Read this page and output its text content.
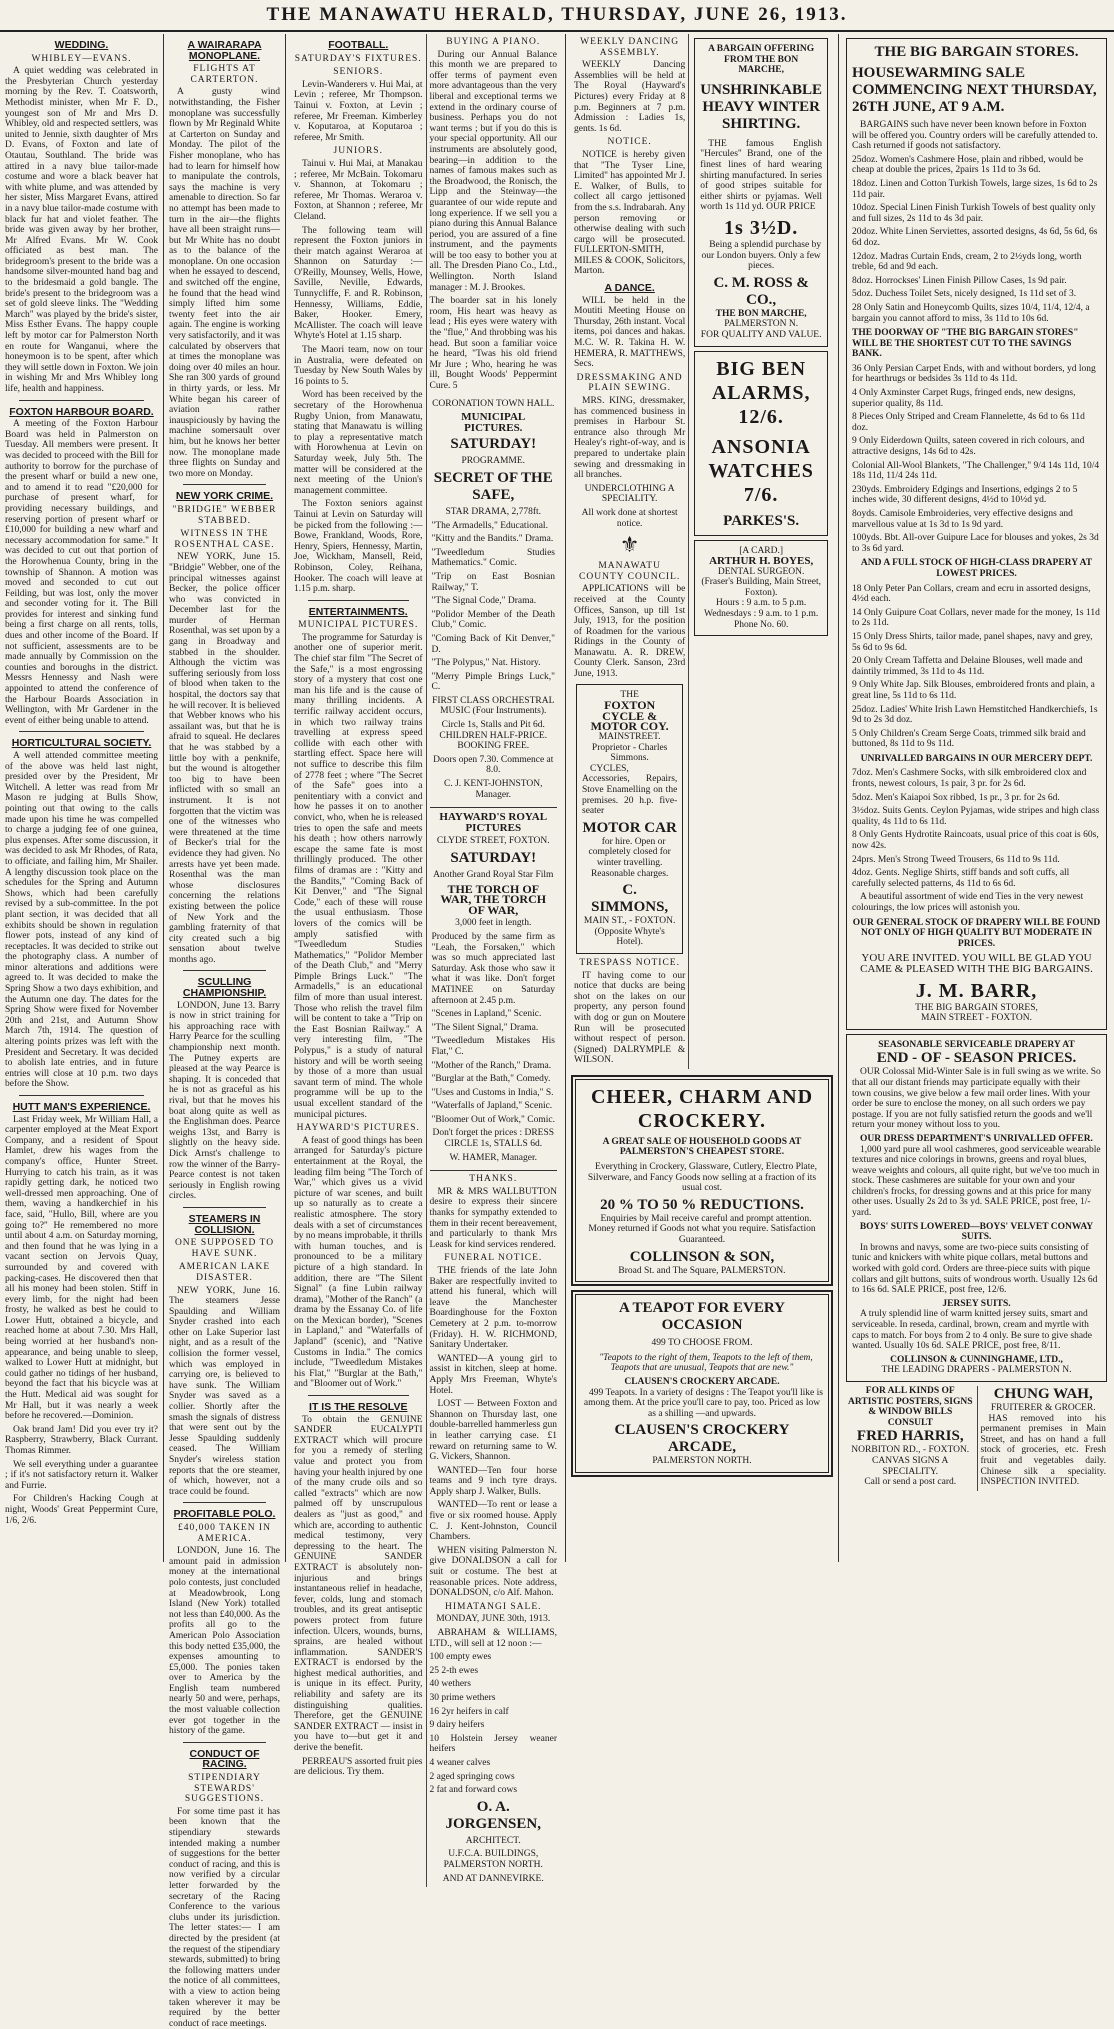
THE MANAWATU HERALD, THURSDAY, JUNE 26, 1913.
WEDDING.
WHIBLEY—EVANS.

A quiet wedding was celebrated in the Presbyterian Church yesterday morning by the Rev. T. Coatsworth, Methodist minister, when Mr F. D., youngest son of Mr and Mrs D. Whibley, old and respected settlers, was united to Jennie, sixth daughter of Mrs D. Evans, of Foxton and late of Otautau, Southland. The bride was attired in a navy blue tailor-made costume and wore a black beaver hat with white plume, and was attended by her sister, Miss Margaret Evans, attired in a navy blue tailor-made costume with black fur hat and violet feather. The bride was given away by her brother, Mr Alfred Evans. Mr W. Cook officiated as best man. The bridegroom's present to the bride was a handsome silver-mounted hand bag and to the bridesmaid a gold bangle. The bride's present to the bridegroom was a set of gold sleeve links. The "Wedding March" was played by the bride's sister, Miss Esther Evans. The happy couple left by motor car for Palmerston North en route for Wanganui, where the honeymoon is to be spent, after which they will settle down in Foxton. We join in wishing Mr and Mrs Whibley long life, health and happiness.

FOXTON HARBOUR BOARD.

A meeting of the Foxton Harbour Board was held in Palmerston on Tuesday. All members were present. It was decided to proceed with the Bill for authority to borrow for the purchase of the present wharf or build a new one, and to amend it to read "£20,000 for purchase of present wharf, for providing necessary buildings, and reserving portion of present wharf or £10,000 for building a new wharf and necessary accommodation for same." It was decided to cut out that portion of the Horowhenua County, bring in the township of Shannon. A motion was moved and seconded to cut out Feilding, but was lost, only the mover and seconder voting for it. The Bill provides for interest and sinking fund being a first charge on all rents, tolls, dues and other income of the Board. If not sufficient, assessments are to be made annually by Commission on the counties and boroughs in the district. Messrs Hennessy and Nash were appointed to attend the conference of the Harbour Boards Association in Wellington, with Mr Gardener in the event of either being unable to attend.

HORTICULTURAL SOCIETY.

A well attended committee meeting of the above was held last night, presided over by the President, Mr Witchell. A letter was read from Mr Mason re judging at Bulls Show, pointing out that owing to the calls made upon his time he was compelled to charge a judging fee of one guinea, plus expenses. After some discussion, it was decided to ask Mr Rhodes, of Rata, to officiate, and failing him, Mr Shailer. A lengthy discussion took place on the schedules for the Spring and Autumn Shows, which had been carefully revised by a sub-committee. In the pot plant section, it was decided that all exhibits should be shown in regulation flower pots, instead of any kind of receptacles. It was decided to strike out the photography class. A number of minor alterations and additions were agreed to. It was decided to make the Spring Show a two days exhibition, and the Autumn one day. The dates for the Spring Show were fixed for November 20th and 21st, and Autumn Show March 7th, 1914. The question of altering points prizes was left with the President and Secretary. It was decided to abolish late entries, and in future entries will close at 10 p.m. two days before the Show.

HUTT MAN'S EXPERIENCE.

Last Friday week, Mr William Hall, a carpenter employed at the Meat Export Company, and a resident of Spout Hamlet, drew his wages from the company's office, Hunter Street. Hurrying to catch his train, as it was rapidly getting dark, he noticed two well-dressed men approaching. One of them, waving a handkerchief in his face, said, "Hullo, Bill, where are you going to?" He remembered no more until about 4 a.m. on Saturday morning, and then found that he was lying in a vacant section on Jervois Quay, surrounded by and covered with packing-cases. He discovered then that all his money had been stolen. Stiff in every limb, for the night had been frosty, he walked as best he could to Lower Hutt, obtained a bicycle, and reached home at about 7.30. Mrs Hall, being worried at her husband's non-appearance, and being unable to sleep, walked to Lower Hutt at midnight, but could gather no tidings of her husband, beyond the fact that his bicycle was at the Hutt. Medical aid was sought for Mr Hall, but it was nearly a week before he recovered.—Dominion.

Oak brand Jam! Did you ever try it? Raspberry, Strawberry, Black Currant. Thomas Rimmer.

We sell everything under a guarantee ; if it's not satisfactory return it. Walker and Furrie.

For Children's Hacking Cough at night, Woods' Great Peppermint Cure, 1/6, 2/6.

A WAIRARAPA MONOPLANE.
FLIGHTS AT CARTERTON.

A gusty wind notwithstanding, the Fisher monoplane was successfully flown by Mr Reginald White at Carterton on Sunday and Monday. The pilot of the Fisher monoplane, who has had to learn for himself how to manipulate the controls, says the machine is very amenable to direction. So far no attempt has been made to turn in the air—the flights have all been straight runs—but Mr White has no doubt as to the balance of the monoplane. On one occasion when he essayed to descend, and switched off the engine, he found that the head wind simply lifted him some twenty feet into the air again. The engine is working very satisfactorily, and it was calculated by observers that at times the monoplane was doing over 40 miles an hour. She ran 300 yards of ground in thirty yards, or less. Mr White began his career of aviation rather inauspiciously by having the machine somersault over him, but he knows her better now. The monoplane made three flights on Sunday and two more on Monday.

NEW YORK CRIME.
"BRIDGIE" WEBBER STABBED.
WITNESS IN THE ROSENTHAL CASE.

NEW YORK, June 15. "Bridgie" Webber, one of the principal witnesses against Becker, the police officer who was convicted in December last for the murder of Herman Rosenthal, was set upon by a gang in Broadway and stabbed in the shoulder. Although the victim was suffering seriously from loss of blood when taken to the hospital, the doctors say that he will recover. It is believed that Webber knows who his assailant was, but that he is afraid to squeal. He declares that he was stabbed by a little boy with a penknife, but the wound is altogether too big to have been inflicted with so small an instrument. It is not forgotten that the victim was one of the witnesses who were threatened at the time of Becker's trial for the evidence they had given. No arrests have yet been made. Rosenthal was the man whose disclosures concerning the relations existing between the police of New York and the gambling fraternity of that city created such a big sensation about twelve months ago.

SCULLING CHAMPIONSHIP.

LONDON, June 13. Barry is now in strict training for his approaching race with Harry Pearce for the sculling championship next month. The Putney experts are pleased at the way Pearce is shaping. It is conceded that he is not as graceful as his rival, but that he moves his boat along quite as well as the Englishman does. Pearce weighs 13st, and Barry is slightly on the heavy side. Dick Arnst's challenge to row the winner of the Barry-Pearce contest is not taken seriously in English rowing circles.

STEAMERS IN COLLISION.
ONE SUPPOSED TO HAVE SUNK.
AMERICAN LAKE DISASTER.

NEW YORK, June 16. The steamers Jesse Spaulding and William Snyder crashed into each other on Lake Superior last night, and as a result of the collision the former vessel, which was employed in carrying ore, is believed to have sunk. The William Snyder was saved as a collier. Shortly after the smash the signals of distress that were sent out by the Jesse Spaulding suddenly ceased. The William Snyder's wireless station reports that the ore steamer, of which, however, not a trace could be found.

PROFITABLE POLO.
£40,000 TAKEN IN AMERICA.

LONDON, June 16. The amount paid in admission money at the international polo contests, just concluded at Meadowbrook, Long Island (New York) totalled not less than £40,000. As the profits all go to the American Polo Association this body netted £35,000, the expenses amounting to £5,000. The ponies taken over to America by the English team numbered nearly 50 and were, perhaps, the most valuable collection ever got together in the history of the game.

CONDUCT OF RACING.
STIPENDIARY STEWARDS' SUGGESTIONS.

For some time past it has been known that the stipendiary stewards intended making a number of suggestions for the better conduct of racing, and this is now verified by a circular letter forwarded by the secretary of the Racing Conference to the various clubs under its jurisdiction. The letter states:— I am directed by the president (at the request of the stipendiary stewards, submitted) to bring the following matters under the notice of all committees, with a view to action being taken wherever it may be required by the better conduct of race meetings.

FOOTBALL.
SATURDAY'S FIXTURES.
SENIORS.

Levin-Wanderers v. Hui Mai, at Levin ; referee, Mr Thompson. Tainui v. Foxton, at Levin ; referee, Mr Freeman. Kimberley v. Koputaroa, at Koputaroa ; referee, Mr Smith.

JUNIORS.

Tainui v. Hui Mai, at Manakau ; referee, Mr McBain. Tokomaru v. Shannon, at Tokomaru ; referee, Mr Thomas. Weraroa v. Foxton, at Shannon ; referee, Mr Cleland.

The following team will represent the Foxton juniors in their match against Weraroa at Shannon on Saturday :— O'Reilly, Mounsey, Wells, Howe, Saville, Neville, Edwards, Tunnycliffe, F. and R. Robinson, Hennessy, Williams, Eddie, Baker, Hooker. Emery, McAllister. The coach will leave Whyte's Hotel at 1.15 sharp.

The Maori team, now on tour in Australia, were defeated on Tuesday by New South Wales by 16 points to 5.

Word has been received by the secretary of the Horowhenua Rugby Union, from Manawatu, stating that Manawatu is willing to play a representative match with Horowhenua at Levin on Saturday week, July 5th. The matter will be considered at the next meeting of the Union's management committee.

The Foxton seniors against Tainui at Levin on Saturday will be picked from the following :— Bowe, Frankland, Woods, Rore, Henry, Spiers, Hennessy, Martin, Joe, Wickham, Mansell, Reid, Robinson, Coley, Reihana, Hooker. The coach will leave at 1.15 p.m. sharp.

ENTERTAINMENTS.
MUNICIPAL PICTURES.

The programme for Saturday is another one of superior merit. The chief star film "The Secret of the Safe," is a most engrossing story of a mystery that cost one man his life and is the cause of many thrilling incidents. A terrific railway accident occurs, in which two railway trains travelling at express speed collide with each other with startling effect. Space here will not suffice to describe this film of 2778 feet ; where "The Secret of the Safe" goes into a penitentiary with a convict and how he passes it on to another convict, who, when he is released tries to open the safe and meets his death ; how others narrowly escape the same fate is most thrillingly produced. The other films of dramas are : "Kitty and the Bandits," "Coming Back of Kit Denver," and "The Signal Code," each of these will rouse the usual enthusiasm. Those lovers of the comics will be amply satisfied with "Tweedledum Studies Mathematics," "Polidor Member of the Death Club," and "Merry Pimple Brings Luck." "The Armadells," is an educational film of more than usual interest. Those who relish the travel film will be content to take a "Trip on the East Bosnian Railway." A very interesting film, "The Polypus," is a study of natural history and will be worth seeing by those of a more than usual savant term of mind. The whole programme will be up to the usual excellent standard of the municipal pictures.

HAYWARD'S PICTURES.

A feast of good things has been arranged for Saturday's picture entertainment at the Royal, the leading film being "The Torch of War," which gives us a vivid picture of war scenes, and built up so naturally as to create a realistic atmosphere. The story deals with a set of circumstances by no means improbable, it thrills with human touches, and is pronounced to be a military picture of a high standard. In addition, there are "The Silent Signal" (a fine Lubin railway drama), "Mother of the Ranch" (a drama by the Essanay Co. of life on the Mexican border), "Scenes in Lapland," and "Waterfalls of Japland" (scenic), and "Native Customs in India." The comics include, "Tweedledum Mistakes his Flat," "Burglar at the Bath," and "Bloomer out of Work."

IT IS THE RESOLVE

To obtain the GENUINE SANDER EUCALYPTI EXTRACT which will procure for you a remedy of sterling value and protect you from having your health injured by one of the many crude oils and so called "extracts" which are now palmed off by unscrupulous dealers as "just as good," and which are, according to authentic medical testimony, very depressing to the heart. The GENUINE SANDER EXTRACT is absolutely non-injurious and brings instantaneous relief in headache, fever, colds, lung and stomach troubles, and its great antiseptic powers protect from future infection. Ulcers, wounds, burns, sprains, are healed without inflammation. SANDER'S EXTRACT is endorsed by the highest medical authorities, and is unique in its effect. Purity, reliability and safety are its distinguishing qualities. Therefore, get the GENUINE SANDER EXTRACT — insist in you have to—but get it and derive the benefit.

PERREAU'S assorted fruit pies are delicious. Try them.

BUYING A PIANO.

During our Annual Balance this month we are prepared to offer terms of payment even more advantageous than the very liberal and exceptional terms we extend in the ordinary course of business. Perhaps you do not want terms ; but if you do this is your special opportunity. All our instruments are absolutely good, bearing—in addition to the names of famous makes such as the Broadwood, the Ronisch, the Lipp and the Steinway—the guarantee of our wide repute and long experience. If we sell you a piano during this Annual Balance period, you are assured of a fine instrument, and the payments will be too easy to bother you at all. The Dresden Piano Co., Ltd., Wellington. North Island manager : M. J. Brookes.

The boarder sat in his lonely room, His heart was heavy as lead ; His eyes were watery with the "flue," And throbbing was his head. But soon a familiar voice he heard, "Twas his old friend Mr Jure ; Who, hearing he was ill, Bought Woods' Peppermint Cure. 5

CORONATION TOWN HALL.

MUNICIPAL PICTURES.

SATURDAY!

PROGRAMME.

SECRET OF THE SAFE,

STAR DRAMA, 2,778ft.

"The Armadells," Educational.

"Kitty and the Bandits." Drama.

"Tweedledum Studies Mathematics." Comic.

"Trip on East Bosnian Railway," T.

"The Signal Code," Drama.

"Polidor Member of the Death Club," Comic.

"Coming Back of Kit Denver," D.

"The Polypus," Nat. History.

"Merry Pimple Brings Luck," C.

FIRST CLASS ORCHESTRAL MUSIC (Four Instruments).

Circle 1s, Stalls and Pit 6d. CHILDREN HALF-PRICE. BOOKING FREE.

Doors open 7.30. Commence at 8.0.

C. J. KENT-JOHNSTON, Manager.

HAYWARD'S ROYAL PICTURES

CLYDE STREET, FOXTON.

SATURDAY!

Another Grand Royal Star Film

THE TORCH OF WAR, THE TORCH OF WAR,

3,000 feet in length.

Produced by the same firm as "Leah, the Forsaken," which was so much appreciated last Saturday. Ask those who saw it what it was like. Don't forget MATINEE on Saturday afternoon at 2.45 p.m.

"Scenes in Lapland," Scenic.

"The Silent Signal," Drama.

"Tweedledum Mistakes His Flat," C.

"Mother of the Ranch," Drama.

"Burglar at the Bath," Comedy.

"Uses and Customs in India," S.

"Waterfalls of Japland," Scenic.

"Bloomer Out of Work," Comic.

Don't forget the prices : DRESS CIRCLE 1s, STALLS 6d.

W. HAMER, Manager.

THANKS.

MR & MRS WALLBUTTON desire to express their sincere thanks for sympathy extended to them in their recent bereavement, and particularly to thank Mrs Leask for kind services rendered.

FUNERAL NOTICE.

THE friends of the late John Baker are respectfully invited to attend his funeral, which will leave the Manchester Boardinghouse for the Foxton Cemetery at 2 p.m. to-morrow (Friday). H. W. RICHMOND, Sanitary Undertaker.

WANTED—A young girl to assist in kitchen, sleep at home. Apply Mrs Freeman, Whyte's Hotel.

LOST — Between Foxton and Shannon on Thursday last, one double-barrelled hammerless gun in leather carrying case. £1 reward on returning same to W. G. Vickers, Shannon.

WANTED—Ten four horse teams and 9 inch tyre drays. Apply sharp J. Walker, Bulls.

WANTED—To rent or lease a five or six roomed house. Apply C. J. Kent-Johnston, Council Chambers.

WHEN visiting Palmerston N. give DONALDSON a call for suit or costume. The best at reasonable prices. Note address, DONALDSON, c/o Alf. Mahon.

HIMATANGI SALE.

MONDAY, JUNE 30th, 1913.

ABRAHAM & WILLIAMS, LTD., will sell at 12 noon :—

100 empty ewes

25 2-th ewes

40 wethers

30 prime wethers

16 2yr heifers in calf

9 dairy heifers

10 Holstein Jersey weaner heifers

4 weaner calves

2 aged springing cows

2 fat and forward cows

O. A. JORGENSEN,

ARCHITECT.

U.F.C.A. BUILDINGS, PALMERSTON NORTH.

AND AT DANNEVIRKE.

WEEKLY DANCING ASSEMBLY.

WEEKLY Dancing Assemblies will be held at The Royal (Hayward's Pictures) every Friday at 8 p.m. Beginners at 7 p.m. Admission : Ladies 1s, gents. 1s 6d.

NOTICE.

NOTICE is hereby given that "The Tyser Line, Limited" has appointed Mr J. E. Walker, of Bulls, to collect all cargo jettisoned from the s.s. Indrabarah. Any person removing or otherwise dealing with such cargo will be prosecuted. FULLERTON-SMITH, MILES & COOK, Solicitors, Marton.

A DANCE.

WILL be held in the Moutiti Meeting House on Thursday, 26th instant. Vocal items, poi dances and hakas. M.C. W. R. Takina H. W. HEMERA, R. MATTHEWS, Secs.

DRESSMAKING AND PLAIN SEWING.

MRS. KING, dressmaker, has commenced business in premises in Harbour St. entrance also through Mr Healey's right-of-way, and is prepared to undertake plain sewing and dressmaking in all branches.

UNDERCLOTHING A SPECIALITY.

All work done at shortest notice.

⚜
MANAWATU COUNTY COUNCIL.

APPLICATIONS will be received at the County Offices, Sanson, up till 1st July, 1913, for the position of Roadmen for the various Ridings in the County of Manawatu. A. R. DREW, County Clerk. Sanson, 23rd June, 1913.

THE
FOXTON CYCLE & MOTOR COY.
MAINSTREET.
Proprietor - Charles Simmons.

CYCLES, Accessories, Repairs, Stove Enamelling on the premises. 20 h.p. five-seater

MOTOR CAR

for hire. Open or completely closed for winter travelling. Reasonable charges.

C. SIMMONS,
MAIN ST., - FOXTON. (Opposite Whyte's Hotel).
TRESPASS NOTICE.

IT having come to our notice that ducks are being shot on the lakes on our property, any person found with dog or gun on Moutere Run will be prosecuted without respect of person. (Signed) DALRYMPLE & WILSON.

A BARGAIN OFFERING FROM THE BON MARCHE,
UNSHRINKABLE HEAVY WINTER SHIRTING.

THE famous English "Hercules" Brand, one of the finest lines of hard wearing shirting manufactured. In series of good stripes suitable for either shirts or pyjamas. Well worth 1s 11d yd. OUR PRICE

1s 3½D.

Being a splendid purchase by our London buyers. Only a few pieces.

C. M. ROSS & CO.,
THE BON MARCHE,
PALMERSTON N.
FOR QUALITY AND VALUE.
BIG BEN ALARMS, 12/6.
ANSONIA WATCHES 7/6.
PARKES'S.
[A CARD.]
ARTHUR H. BOYES,
DENTAL SURGEON.
(Fraser's Building, Main Street, Foxton).
Hours : 9 a.m. to 5 p.m. Wednesdays : 9 a.m. to 1 p.m.
Phone No. 60.
CHEER, CHARM AND CROCKERY.
A GREAT SALE OF HOUSEHOLD GOODS AT PALMERSTON'S CHEAPEST STORE.

Everything in Crockery, Glassware, Cutlery, Electro Plate, Silverware, and Fancy Goods now selling at a fraction of its usual cost.

20 % TO 50 % REDUCTIONS.

Enquiries by Mail receive careful and prompt attention. Money returned if Goods not what you require. Satisfaction Guaranteed.

COLLINSON & SON,
Broad St. and The Square, PALMERSTON.
A TEAPOT FOR EVERY OCCASION
499 TO CHOOSE FROM.

"Teapots to the right of them, Teapots to the left of them, Teapots that are unusual, Teapots that are new."

CLAUSEN'S CROCKERY ARCADE.

499 Teapots. In a variety of designs : The Teapot you'll like is among them. At the price you'll care to pay, too. Priced as low as a shilling —and upwards.

CLAUSEN'S CROCKERY ARCADE,
PALMERSTON NORTH.
THE BIG BARGAIN STORES.
HOUSEWARMING SALE COMMENCING NEXT THURSDAY, 26TH JUNE, AT 9 A.M.

BARGAINS such have never been known before in Foxton will be offered you. Country orders will be carefully attended to. Cash returned if goods not satisfactory.

25doz. Women's Cashmere Hose, plain and ribbed, would be cheap at double the prices, 2pairs 1s 11d to 3s 6d.

18doz. Linen and Cotton Turkish Towels, large sizes, 1s 6d to 2s 11d pair.

10doz. Special Linen Finish Turkish Towels of best quality only and full sizes, 2s 11d to 4s 3d pair.

20doz. White Linen Serviettes, assorted designs, 4s 6d, 5s 6d, 6s 6d doz.

12doz. Madras Curtain Ends, cream, 2 to 2½yds long, worth treble, 6d and 9d each.

8doz. Horrockses' Linen Finish Pillow Cases, 1s 9d pair.

5doz. Duchess Toilet Sets, nicely designed, 1s 11d set of 3.

28 Only Satin and Honeycomb Quilts, sizes 10/4, 11/4, 12/4, a bargain you cannot afford to miss, 3s 11d to 10s 6d.

THE DOORWAY OF "THE BIG BARGAIN STORES" WILL BE THE SHORTEST CUT TO THE SAVINGS BANK.

36 Only Persian Carpet Ends, with and without borders, yd long for hearthrugs or bedsides 3s 11d to 4s 11d.

4 Only Axminster Carpet Rugs, fringed ends, new designs, superior quality, 8s 11d.

8 Pieces Only Striped and Cream Flannelette, 4s 6d to 6s 11d doz.

9 Only Eiderdown Quilts, sateen covered in rich colours, and attractive designs, 14s 6d to 42s.

Colonial All-Wool Blankets, "The Challenger," 9/4 14s 11d, 10/4 18s 11d, 11/4 24s 11d.

230yds. Embroidery Edgings and Insertions, edgings 2 to 5 inches wide, 30 different designs, 4½d to 10½d yd.

8oyds. Camisole Embroideries, very effective designs and marvellous value at 1s 3d to 1s 9d yard.

100yds. Bbt. All-over Guipure Lace for blouses and yokes, 2s 3d to 3s 6d yard.

AND A FULL STOCK OF HIGH-CLASS DRAPERY AT LOWEST PRICES.

18 Only Peter Pan Collars, cream and ecru in assorted designs, 4½d each.

14 Only Guipure Coat Collars, never made for the money, 1s 11d to 2s 11d.

15 Only Dress Shirts, tailor made, panel shapes, navy and grey, 5s 6d to 9s 6d.

20 Only Cream Taffetta and Delaine Blouses, well made and daintily trimmed, 3s 11d to 4s 11d.

9 Only White Jap. Silk Blouses, embroidered fronts and plain, a great line, 5s 11d to 6s 11d.

25doz. Ladies' White Irish Lawn Hemstitched Handkerchiefs, 1s 9d to 2s 3d doz.

5 Only Children's Cream Serge Coats, trimmed silk braid and buttoned, 8s 11d to 9s 11d.

UNRIVALLED BARGAINS IN OUR MERCERY DEPT.

7doz. Men's Cashmere Socks, with silk embroidered clox and fronts, newest colours, 1s pair, 3 pr. for 2s 6d.

5doz. Men's Kaiapoi Sox ribbed, 1s pr., 3 pr. for 2s 6d.

3½doz. Suits Gents. Ceylon Pyjamas, wide stripes and high class quality, 4s 11d to 6s 11d.

8 Only Gents Hydrotite Raincoats, usual price of this coat is 60s, now 42s.

24prs. Men's Strong Tweed Trousers, 6s 11d to 9s 11d.

4doz. Gents. Neglige Shirts, stiff bands and soft cuffs, all carefully selected patterns, 4s 11d to 6s 6d.

A beautiful assortment of wide end Ties in the very newest colourings, the low prices will astonish you.

OUR GENERAL STOCK OF DRAPERY WILL BE FOUND NOT ONLY OF HIGH QUALITY BUT MODERATE IN PRICES.
YOU ARE INVITED. YOU WILL BE GLAD YOU CAME & PLEASED WITH THE BIG BARGAINS.
J. M. BARR,
THE BIG BARGAIN STORES,
MAIN STREET - FOXTON.
SEASONABLE SERVICEABLE DRAPERY AT
END - OF - SEASON PRICES.

OUR Colossal Mid-Winter Sale is in full swing as we write. So that all our distant friends may participate equally with their town cousins, we give below a few mail order lines. With your order be sure to enclose the money, on all such orders we pay postage. If you are not fully satisfied return the goods and we'll return your money without loss to you.

OUR DRESS DEPARTMENT'S UNRIVALLED OFFER.

1,000 yard pure all wool cashmeres, good serviceable wearable textures and nice colorings in browns, greens and royal blues, weave weights and colours, all quite right, but we've too much in stock. These cashmeres are suitable for your own and your children's frocks, for dressing gowns and at this price for many other uses. Usually 2s 2d to 3s yd. SALE PRICE, post free, 1/- yard.

BOYS' SUITS LOWERED—BOYS' VELVET CONWAY SUITS.

In browns and navys, some are two-piece suits consisting of tunic and knickers with white pique collars, metal buttons and worked with gold cord. Orders are three-piece suits with pique collars and gilt buttons, suits of wondrous worth. Usually 12s 6d to 16s 6d. SALE PRICE, post free, 12/6.

JERSEY SUITS.

A truly splendid line of warm knitted jersey suits, smart and serviceable. In reseda, cardinal, brown, cream and myrtle with caps to match. For boys from 2 to 4 only. Be sure to give shade wanted. Usually 10s 6d. SALE PRICE, post free, 8/11.

COLLINSON & CUNNINGHAME, LTD.,
THE LEADING DRAPERS - PALMERSTON N.
FOR ALL KINDS OF ARTISTIC POSTERS, SIGNS & WINDOW BILLS CONSULT
FRED HARRIS,
NORBITON RD., - FOXTON.
CANVAS SIGNS A SPECIALITY.
Call or send a post card.
CHUNG WAH,
FRUITERER & GROCER.

HAS removed into his permanent premises in Main Street, and has on hand a full stock of groceries, etc. Fresh fruit and vegetables daily. Chinese silk a speciality. INSPECTION INVITED.
